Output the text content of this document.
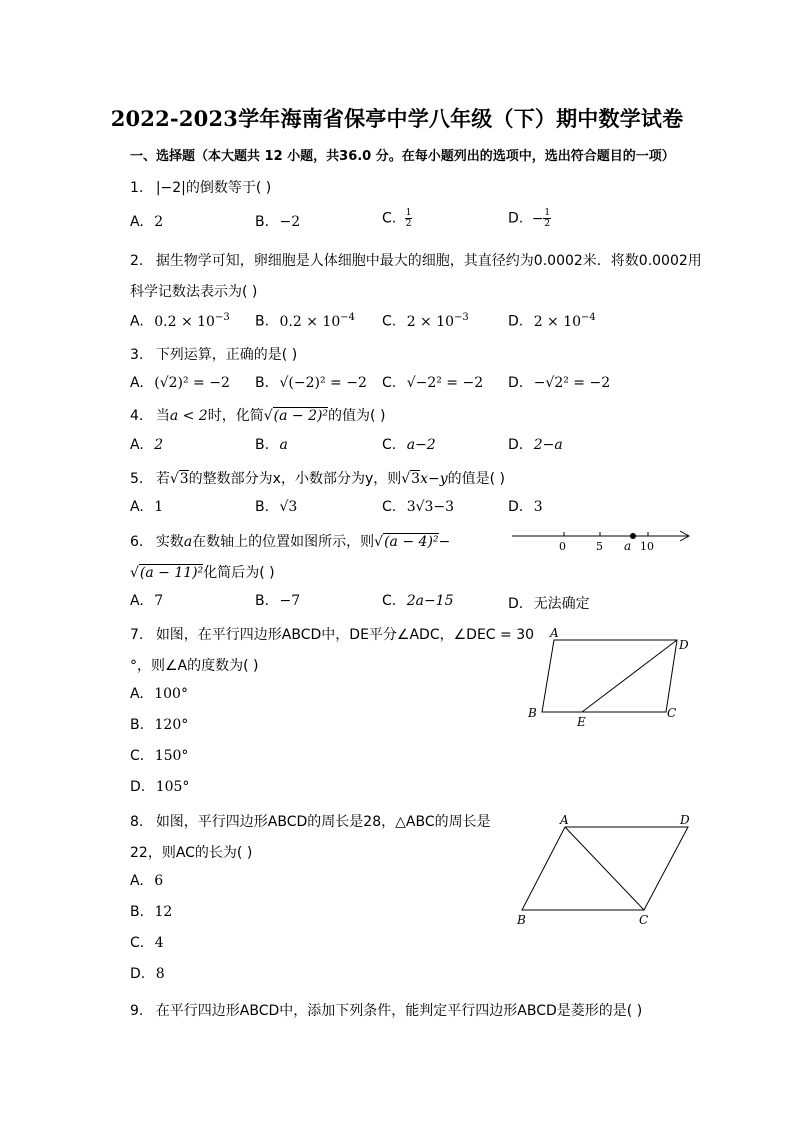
2022-2023学年海南省保亭中学八年级（下）期中数学试卷
一、选择题（本大题共 12 小题，共36.0 分。在每小题列出的选项中，选出符合题目的一项）
1. |−2|的倒数等于( )
A. 2	B. −2	C. $\frac{1}{2}$	D. − $\frac{1}{2}$
2. 据生物学可知，卵细胞是人体细胞中最大的细胞，其直径约为0.0002米．将数0.0002用
科学记数法表示为( )
A. $0.2 \times 10^{-3}$ B. $0.2 \times 10^{-4}$ C. $2 \times 10^{-3}$	D. $2 \times 10^{-4}$
3. 下列运算，正确的是( )
A. (√2)² = −2 B. √(−2)² = −2 C. √−2² = −2 D. −√2² = −2
4. 当a < 2时，化简√(a − 2)²的值为( )
A. 2	B. a	C. a−2	D. 2−a
5. 若√3的整数部分为x，小数部分为y，则√3x−y的值是( )
A. 1	B. √3	C. 3√3−3	D. 3
6. 实数a在数轴上的位置如图所示，则√(a − 4)²−
√(a − 11)²化简后为( )
0	5 a 10
A. 7	B. −7	C. 2a−15	D. 无法确定
7. 如图，在平行四边形ABCD中，DE平分∠ADC，∠DEC = 30
°，则∠A的度数为( )
A. 100°
B. 120°
C. 150°
D. 105°
A
D
B
E
C
8. 如图，平行四边形ABCD的周长是28，△ABC的周长是
22，则AC的长为( )
A. 6
B. 12
C. 4
D. 8
A	D
B	C
9. 在平行四边形ABCD中，添加下列条件，能判定平行四边形ABCD是菱形的是( )
